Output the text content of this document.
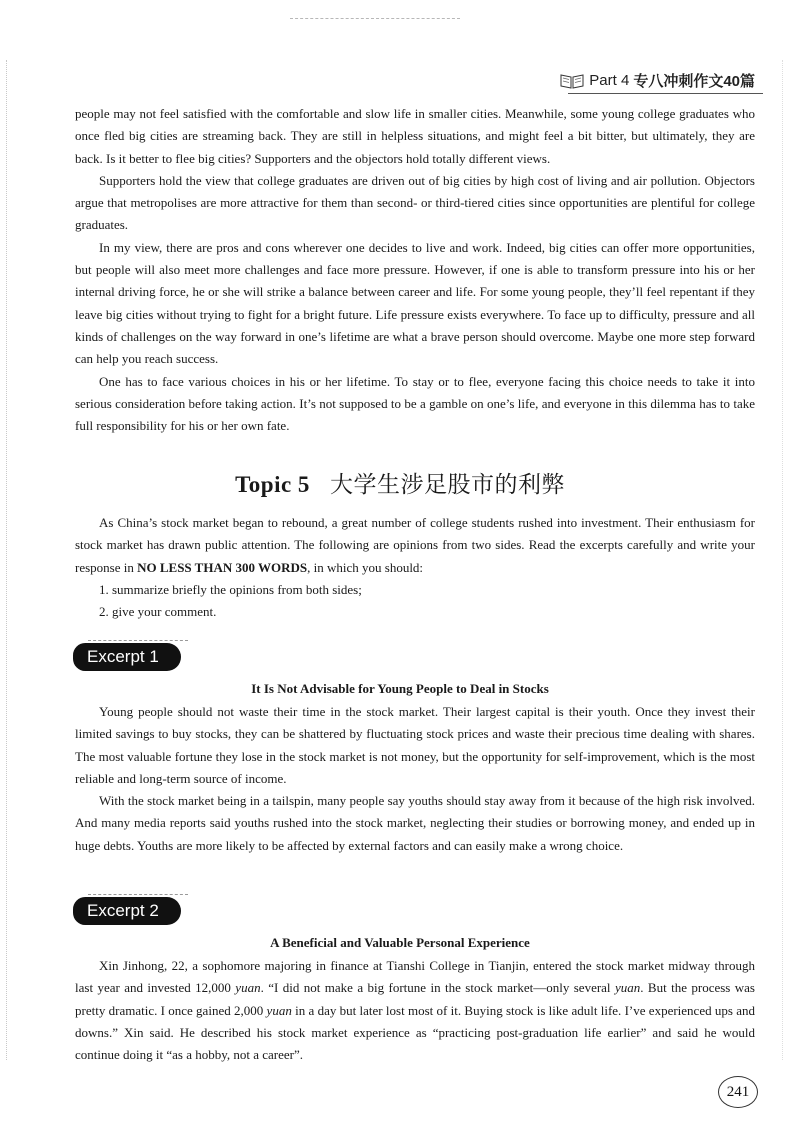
Part 4 专八冲刺作文40篇

people may not feel satisfied with the comfortable and slow life in smaller cities. Meanwhile, some young college graduates who once fled big cities are streaming back. They are still in helpless situations, and might feel a bit bitter, but ultimately, they are back. Is it better to flee big cities? Supporters and the objectors hold totally different views.

Supporters hold the view that college graduates are driven out of big cities by high cost of living and air pollution. Objectors argue that metropolises are more attractive for them than second- or third-tiered cities since opportunities are plentiful for college graduates.

In my view, there are pros and cons wherever one decides to live and work. Indeed, big cities can offer more opportunities, but people will also meet more challenges and face more pressure. However, if one is able to transform pressure into his or her internal driving force, he or she will strike a balance between career and life. For some young people, they’ll feel repentant if they leave big cities without trying to fight for a bright future. Life pressure exists everywhere. To face up to difficulty, pressure and all kinds of challenges on the way forward in one’s lifetime are what a brave person should overcome. Maybe one more step forward can help you reach success.

One has to face various choices in his or her lifetime. To stay or to flee, everyone facing this choice needs to take it into serious consideration before taking action. It’s not supposed to be a gamble on one’s life, and everyone in this dilemma has to take full responsibility for his or her own fate.

Topic 5 大学生涉足股市的利弊

As China’s stock market began to rebound, a great number of college students rushed into investment. Their enthusiasm for stock market has drawn public attention. The following are opinions from two sides. Read the excerpts carefully and write your response in NO LESS THAN 300 WORDS, in which you should:

1. summarize briefly the opinions from both sides;

2. give your comment.

Excerpt 1
It Is Not Advisable for Young People to Deal in Stocks

Young people should not waste their time in the stock market. Their largest capital is their youth. Once they invest their limited savings to buy stocks, they can be shattered by fluctuating stock prices and waste their precious time dealing with shares. The most valuable fortune they lose in the stock market is not money, but the opportunity for self-improvement, which is the most reliable and long-term source of income.

With the stock market being in a tailspin, many people say youths should stay away from it because of the high risk involved. And many media reports said youths rushed into the stock market, neglecting their studies or borrowing money, and ended up in huge debts. Youths are more likely to be affected by external factors and can easily make a wrong choice.

Excerpt 2
A Beneficial and Valuable Personal Experience

Xin Jinhong, 22, a sophomore majoring in finance at Tianshi College in Tianjin, entered the stock market midway through last year and invested 12,000 yuan. “I did not make a big fortune in the stock market—only several yuan. But the process was pretty dramatic. I once gained 2,000 yuan in a day but later lost most of it. Buying stock is like adult life. I’ve experienced ups and downs.” Xin said. He described his stock market experience as “practicing post-graduation life earlier” and said he would continue doing it “as a hobby, not a career”.

241
